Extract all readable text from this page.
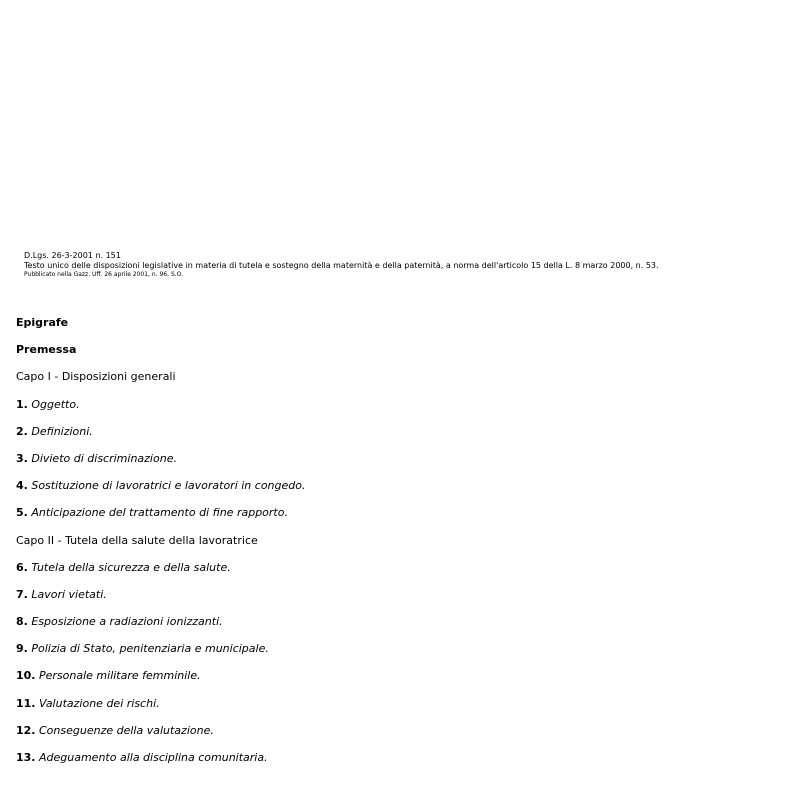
D.Lgs. 26-3-2001 n. 151
Testo unico delle disposizioni legislative in materia di tutela e sostegno della maternità e della paternità, a norma dell'articolo 15 della L. 8 marzo 2000, n. 53.
Pubblicato nella Gazz. Uff. 26 aprile 2001, n. 96, S.O.
Epigrafe
Premessa
Capo I - Disposizioni generali
1. Oggetto.
2. Definizioni.
3. Divieto di discriminazione.
4. Sostituzione di lavoratrici e lavoratori in congedo.
5. Anticipazione del trattamento di fine rapporto.
Capo II - Tutela della salute della lavoratrice
6. Tutela della sicurezza e della salute.
7. Lavori vietati.
8. Esposizione a radiazioni ionizzanti.
9. Polizia di Stato, penitenziaria e municipale.
10. Personale militare femminile.
11. Valutazione dei rischi.
12. Conseguenze della valutazione.
13. Adeguamento alla disciplina comunitaria.
